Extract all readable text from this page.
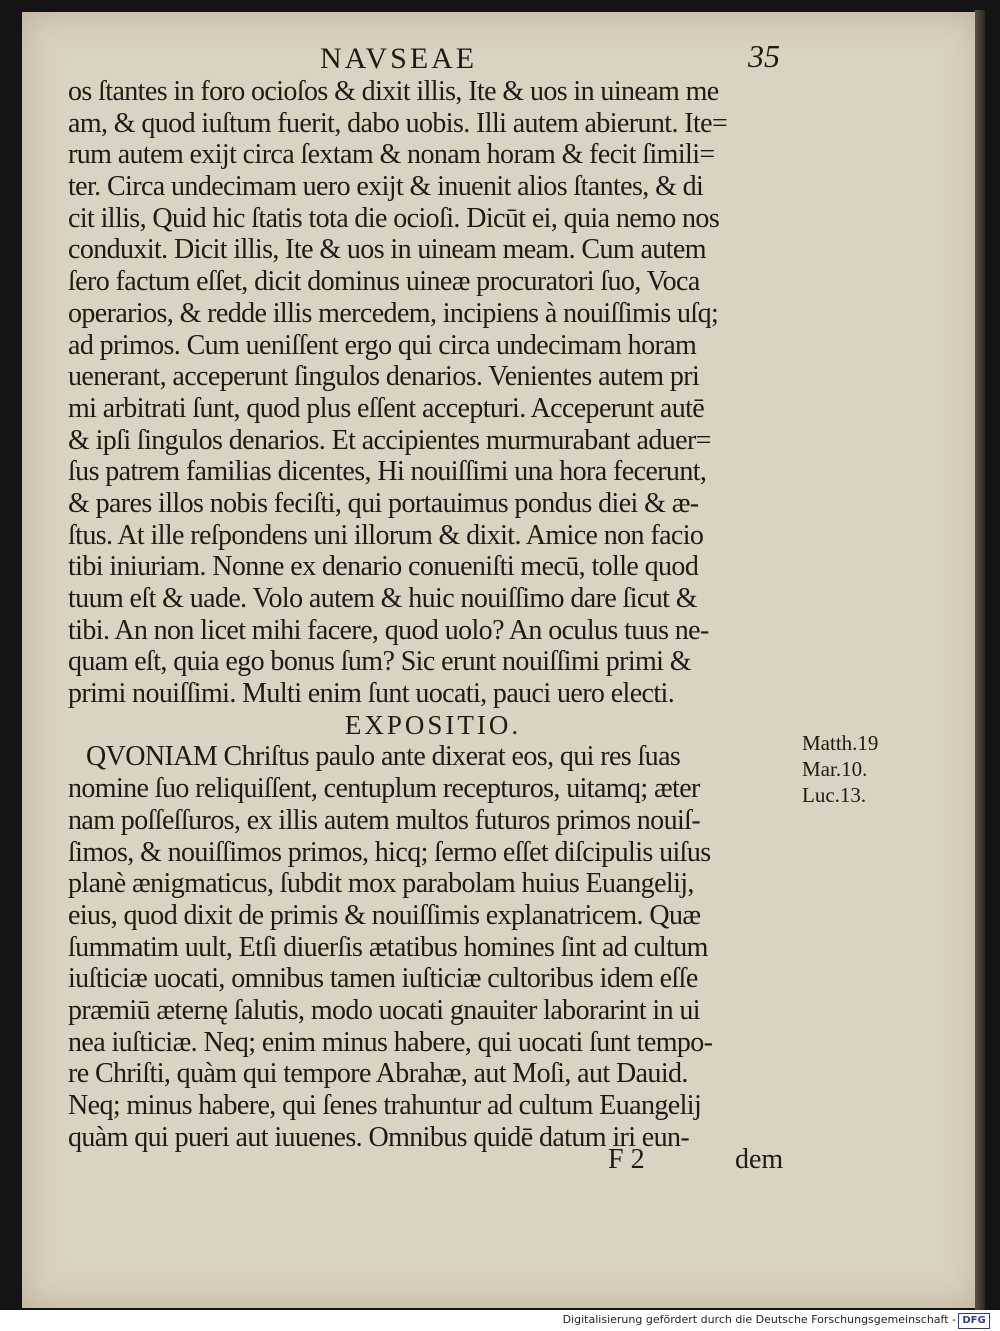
NAVSEAE	35
os ſtantes in foro ocioſos & dixit illis, Ite & uos in uineam me
am, & quod iuſtum fuerit, dabo uobis. Illi autem abierunt. Ite=
rum autem exijt circa ſextam & nonam horam & fecit ſimili=
ter. Circa undecimam uero exijt & inuenit alios ſtantes, & di
cit illis, Quid hic ſtatis tota die ocioſi. Dicūt ei, quia nemo nos
conduxit. Dicit illis, Ite & uos in uineam meam. Cum autem
ſero factum eſſet, dicit dominus uineæ procuratori ſuo, Voca
operarios, & redde illis mercedem, incipiens à nouiſſimis uſq;
ad primos. Cum ueniſſent ergo qui circa undecimam horam
uenerant, acceperunt ſingulos denarios. Venientes autem pri
mi arbitrati ſunt, quod plus eſſent accepturi. Acceperunt autē
& ipſi ſingulos denarios. Et accipientes murmurabant aduer=
ſus patrem familias dicentes, Hi nouiſſimi una hora fecerunt,
& pares illos nobis feciſti, qui portauimus pondus diei & æ-
ſtus. At ille reſpondens uni illorum & dixit. Amice non facio
tibi iniuriam. Nonne ex denario conueniſti mecū, tolle quod
tuum eſt & uade. Volo autem & huic nouiſſimo dare ſicut &
tibi. An non licet mihi facere, quod uolo? An oculus tuus ne-
quam eſt, quia ego bonus ſum? Sic erunt nouiſſimi primi &
primi nouiſſimi. Multi enim ſunt uocati, pauci uero electi.
EXPOSITIO.
QVONIAM Chriſtus paulo ante dixerat eos, qui res ſuas
nomine ſuo reliquiſſent, centuplum recepturos, uitamq; æter
nam poſſeſſuros, ex illis autem multos futuros primos nouiſ-
ſimos, & nouiſſimos primos, hicq; ſermo eſſet diſcipulis uiſus
planè ænigmaticus, ſubdit mox parabolam huius Euangelij,
eius, quod dixit de primis & nouiſſimis explanatricem. Quæ
ſummatim uult, Etſi diuerſis ætatibus homines ſint ad cultum
iuſticiæ uocati, omnibus tamen iuſticiæ cultoribus idem eſſe
præmiū æternę ſalutis, modo uocati gnauiter laborarint in ui
nea iuſticiæ. Neq; enim minus habere, qui uocati ſunt tempo-
re Chriſti, quàm qui tempore Abrahæ, aut Moſi, aut Dauid.
Neq; minus habere, qui ſenes trahuntur ad cultum Euangelij
quàm qui pueri aut iuuenes. Omnibus quidē datum iri eun-
Matth.19
Mar.10.
Luc.13.
F 2	dem
Digitalisierung gefördert durch die Deutsche Forschungsgemeinschaft - DFG
